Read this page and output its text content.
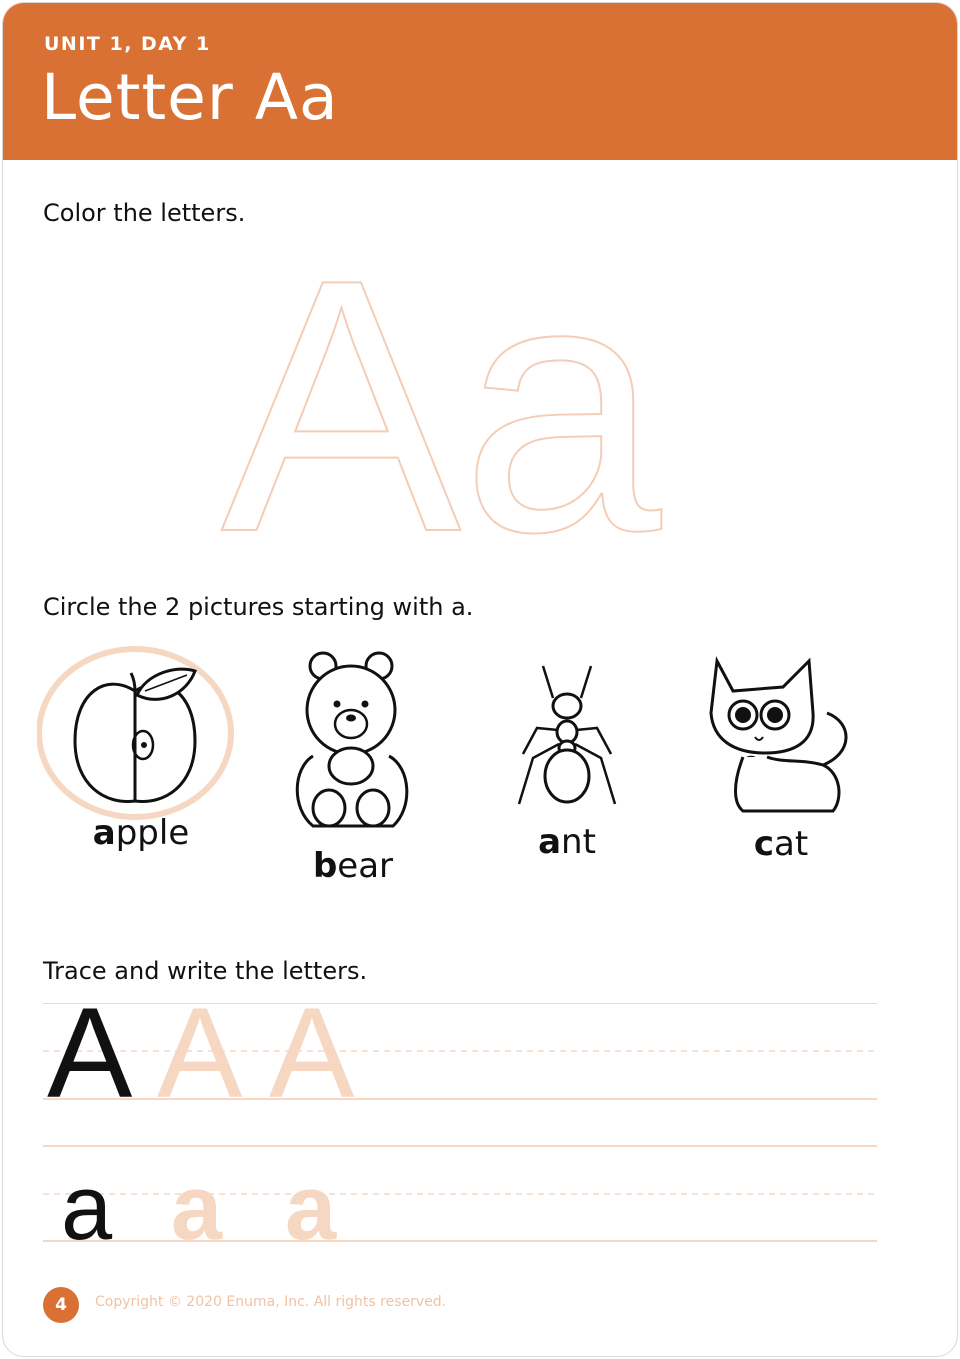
UNIT 1, DAY 1
Letter Aa
Color the letters.
Aa
Circle the 2 pictures starting with a.
apple
bear
ant	cat
Trace and write the letters.
A A A
a a a
4	Copyright © 2020 Enuma, Inc. All rights reserved.
